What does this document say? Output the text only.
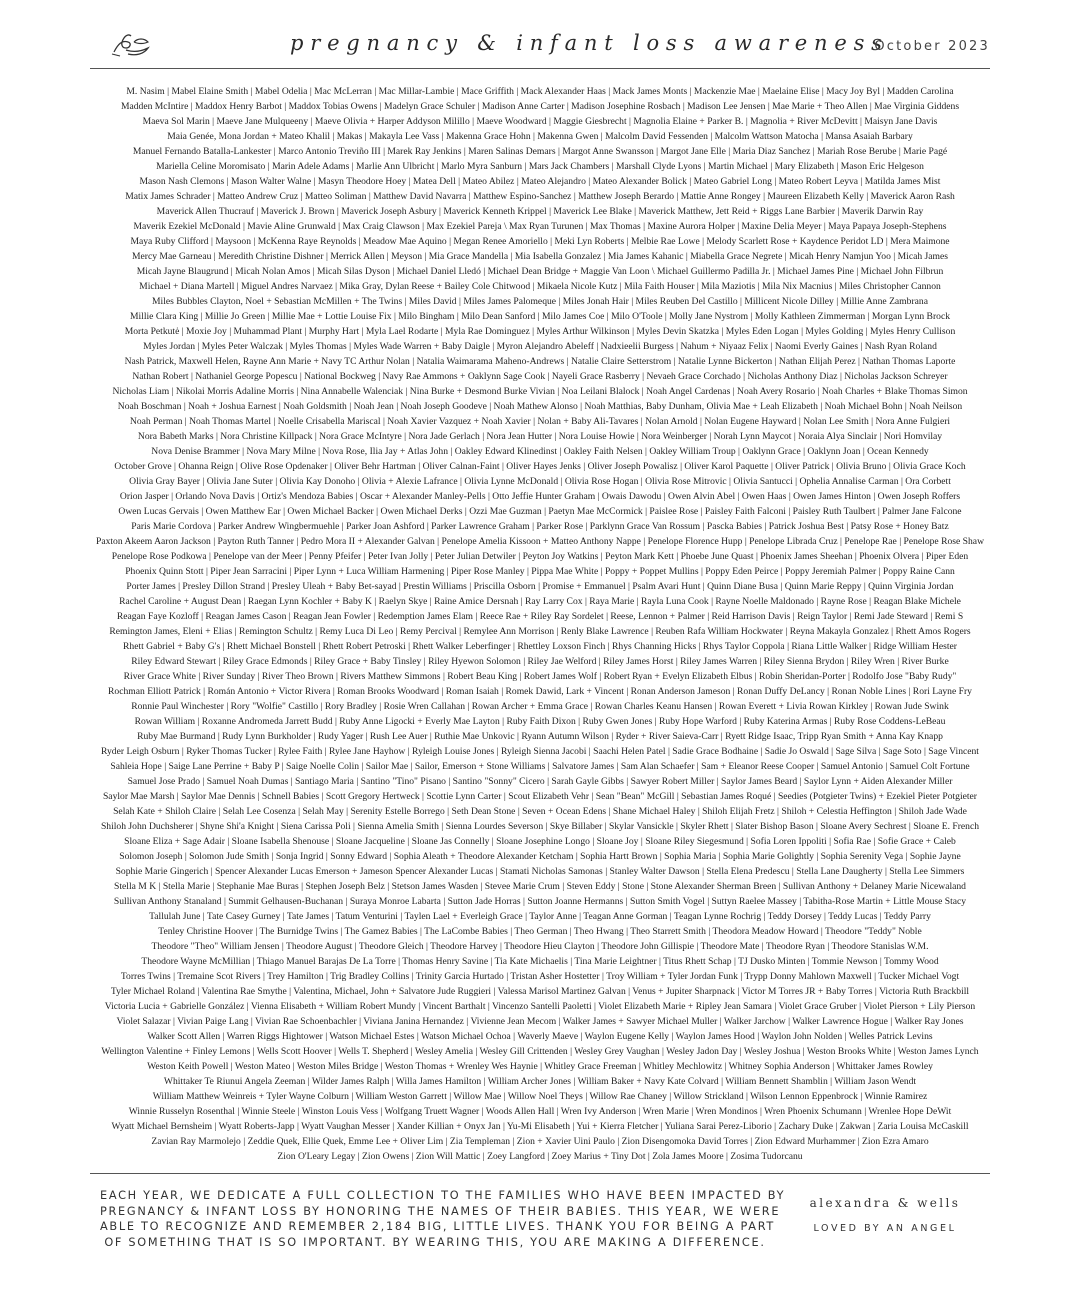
pregnancy & infant loss awareness
October 2023
M. Nasim | Mabel Elaine Smith | Mabel Odelia | Mac McLerran | Mac Millar-Lambie | Mace Griffith | Mack Alexander Haas | Mack James Monts | Mackenzie Mae | Maelaine Elise | Macy Joy Byl | Madden Carolina
Madden McIntire | Maddox Henry Barbot | Maddox Tobias Owens | Madelyn Grace Schuler | Madison Anne Carter | Madison Josephine Rosbach | Madison Lee Jensen | Mae Marie + Theo Allen | Mae Virginia Giddens
Maeva Sol Marin | Maeve Jane Mulqueeny | Maeve Olivia + Harper Addyson Milillo | Maeve Woodward | Maggie Giesbrecht | Magnolia Elaine + Parker B. | Magnolia + River McDevitt | Maisyn Jane Davis
Maia Genée, Mona Jordan + Mateo Khalil | Makas | Makayla Lee Vass | Makenna Grace Hohn | Makenna Gwen | Malcolm David Fessenden | Malcolm Wattson Matocha | Mansa Asaiah Barbary
Manuel Fernando Batalla-Lankester | Marco Antonio Treviño III | Marek Ray Jenkins | Maren Salinas Demars | Margot Anne Swansson | Margot Jane Elle | Maria Diaz Sanchez | Mariah Rose Berube | Marie Pagé
Mariella Celine Moromisato | Marin Adele Adams | Marlie Ann Ulbricht | Marlo Myra Sanburn | Mars Jack Chambers | Marshall Clyde Lyons | Martin Michael | Mary Elizabeth | Mason Eric Helgeson
Mason Nash Clemons | Mason Walter Walne | Masyn Theodore Hoey | Matea Dell | Mateo Abilez | Mateo Alejandro | Mateo Alexander Bolick | Mateo Gabriel Long | Mateo Robert Leyva | Matilda James Mist
Matix James Schrader | Matteo Andrew Cruz | Matteo Soliman | Matthew David Navarra | Matthew Espino-Sanchez | Matthew Joseph Berardo | Mattie Anne Rongey | Maureen Elizabeth Kelly | Maverick Aaron Rash
Maverick Allen Thucrauf | Maverick J. Brown | Maverick Joseph Asbury | Maverick Kenneth Krippel | Maverick Lee Blake | Maverick Matthew, Jett Reid + Riggs Lane Barbier | Maverik Darwin Ray
Maverik Ezekiel McDonald | Mavie Aline Grunwald | Max Craig Clawson | Max Ezekiel Pareja \ Max Ryan Turunen | Max Thomas | Maxine Aurora Holper | Maxine Delia Meyer | Maya Papaya Joseph-Stephens
Maya Ruby Clifford | Maysoon | McKenna Raye Reynolds | Meadow Mae Aquino | Megan Renee Amoriello | Meki Lyn Roberts | Melbie Rae Lowe | Melody Scarlett Rose + Kaydence Peridot LD | Mera Maimone
Mercy Mae Garneau | Meredith Christine Dishner | Merrick Allen | Meyson | Mia Grace Mandella | Mia Isabella Gonzalez | Mia James Kahanic | Miabella Grace Negrete | Micah Henry Namjun Yoo | Micah James
Micah Jayne Blaugrund | Micah Nolan Amos | Micah Silas Dyson | Michael Daniel Lledó | Michael Dean Bridge + Maggie Van Loon \ Michael Guillermo Padilla Jr. | Michael James Pine | Michael John Filbrun
Michael + Diana Martell | Miguel Andres Narvaez | Mika Gray, Dylan Reese + Bailey Cole Chitwood | Mikaela Nicole Kutz | Mila Faith Houser | Mila Maziotis | Mila Nix Macnius | Miles Christopher Cannon
Miles Bubbles Clayton, Noel + Sebastian McMillen + The Twins | Miles David | Miles James Palomeque | Miles Jonah Hair | Miles Reuben Del Castillo | Millicent Nicole Dilley | Millie Anne Zambrana
Millie Clara King | Millie Jo Green | Millie Mae + Lottie Louise Fix | Milo Bingham | Milo Dean Sanford | Milo James Coe | Milo O'Toole | Molly Jane Nystrom | Molly Kathleen Zimmerman | Morgan Lynn Brock
Morta Petkutė | Moxie Joy | Muhammad Plant | Murphy Hart | Myla Lael Rodarte | Myla Rae Dominguez | Myles Arthur Wilkinson | Myles Devin Skatzka | Myles Eden Logan | Myles Golding | Myles Henry Cullison
Myles Jordan | Myles Peter Walczak | Myles Thomas | Myles Wade Warren + Baby Daigle | Myron Alejandro Abeleff | Nadxieelii Burgess | Nahum + Niyaaz Felix | Naomi Everly Gaines | Nash Ryan Roland
Nash Patrick, Maxwell Helen, Rayne Ann Marie + Navy TC Arthur Nolan | Natalia Waimarama Maheno-Andrews | Natalie Claire Setterstrom | Natalie Lynne Bickerton | Nathan Elijah Perez | Nathan Thomas Laporte
Nathan Robert | Nathaniel George Popescu | National Bockweg | Navy Rae Ammons + Oaklynn Sage Cook | Nayeli Grace Rasberry | Nevaeh Grace Corchado | Nicholas Anthony Diaz | Nicholas Jackson Schreyer
Nicholas Liam | Nikolai Morris Adaline Morris | Nina Annabelle Walenciak | Nina Burke + Desmond Burke Vivian | Noa Leilani Blalock | Noah Angel Cardenas | Noah Avery Rosario | Noah Charles + Blake Thomas Simon
Noah Boschman | Noah + Joshua Earnest | Noah Goldsmith | Noah Jean | Noah Joseph Goodeve | Noah Mathew Alonso | Noah Matthias, Baby Dunham, Olivia Mae + Leah Elizabeth | Noah Michael Bohn | Noah Neilson
Noah Perman | Noah Thomas Martel | Noelle Crisabella Mariscal | Noah Xavier Vazquez + Noah Xavier | Nolan + Baby Ali-Tavares | Nolan Arnold | Nolan Eugene Hayward | Nolan Lee Smith | Nora Anne Fulgieri
Nora Babeth Marks | Nora Christine Killpack | Nora Grace McIntyre | Nora Jade Gerlach | Nora Jean Hutter | Nora Louise Howie | Nora Weinberger | Norah Lynn Maycot | Noraia Alya Sinclair | Nori Homvilay
Nova Denise Brammer | Nova Mary Milne | Nova Rose, Ilia Jay + Atlas John | Oakley Edward Klinedinst | Oakley Faith Nelsen | Oakley William Troup | Oaklynn Grace | Oaklynn Joan | Ocean Kennedy
October Grove | Ohanna Reign | Olive Rose Opdenaker | Oliver Behr Hartman | Oliver Calnan-Faint | Oliver Hayes Jenks | Oliver Joseph Powalisz | Oliver Karol Paquette | Oliver Patrick | Olivia Bruno | Olivia Grace Koch
Olivia Gray Bayer | Olivia Jane Suter | Olivia Kay Donoho | Olivia + Alexie Lafrance | Olivia Lynne McDonald | Olivia Rose Hogan | Olivia Rose Mitrovic | Olivia Santucci | Ophelia Annalise Carman | Ora Corbett
Orion Jasper | Orlando Nova Davis | Ortiz's Mendoza Babies | Oscar + Alexander Manley-Pells | Otto Jeffie Hunter Graham | Owais Dawodu | Owen Alvin Abel | Owen Haas | Owen James Hinton | Owen Joseph Roffers
Owen Lucas Gervais | Owen Matthew Ear | Owen Michael Backer | Owen Michael Derks | Ozzi Mae Guzman | Paetyn Mae McCormick | Paislee Rose | Paisley Faith Falconi | Paisley Ruth Taulbert | Palmer Jane Falcone
Paris Marie Cordova | Parker Andrew Wingbermuehle | Parker Joan Ashford | Parker Lawrence Graham | Parker Rose | Parklynn Grace Van Rossum | Pascka Babies | Patrick Joshua Best | Patsy Rose + Honey Batz
Paxton Akeem Aaron Jackson | Payton Ruth Tanner | Pedro Mora II + Alexander Galvan | Penelope Amelia Kissoon + Matteo Anthony Nappe | Penelope Florence Hupp | Penelope Librada Cruz | Penelope Rae | Penelope Rose Shaw
Penelope Rose Podkowa | Penelope van der Meer | Penny Pfeifer | Peter Ivan Jolly | Peter Julian Detwiler | Peyton Joy Watkins | Peyton Mark Kett | Phoebe June Quast | Phoenix James Sheehan | Phoenix Olvera | Piper Eden
Phoenix Quinn Stott | Piper Jean Sarracini | Piper Lynn + Luca William Harmening | Piper Rose Manley | Pippa Mae White | Poppy + Poppet Mullins | Poppy Eden Peirce | Poppy Jeremiah Palmer | Poppy Raine Cann
Porter James | Presley Dillon Strand | Presley Uleah + Baby Bet-sayad | Prestin Williams | Priscilla Osborn | Promise + Emmanuel | Psalm Avari Hunt | Quinn Diane Busa | Quinn Marie Reppy | Quinn Virginia Jordan
Rachel Caroline + August Dean | Raegan Lynn Kochler + Baby K | Raelyn Skye | Raine Amice Dersnah | Ray Larry Cox | Raya Marie | Rayla Luna Cook | Rayne Noelle Maldonado | Rayne Rose | Reagan Blake Michele
Reagan Faye Kozloff | Reagan James Cason | Reagan Jean Fowler | Redemption James Elam | Reece Rae + Riley Ray Sordelet | Reese, Lennon + Palmer | Reid Harrison Davis | Reign Taylor | Remi Jade Steward | Remi S
Remington James, Eleni + Elias | Remington Schultz | Remy Luca Di Leo | Remy Percival | Remylee Ann Morrison | Renly Blake Lawrence | Reuben Rafa William Hockwater | Reyna Makayla Gonzalez | Rhett Amos Rogers
Rhett Gabriel + Baby G's | Rhett Michael Bonstell | Rhett Robert Petroski | Rhett Walker Leberfinger | Rhettley Loxson Finch | Rhys Channing Hicks | Rhys Taylor Coppola | Riana Little Walker | Ridge William Hester
Riley Edward Stewart | Riley Grace Edmonds | Riley Grace + Baby Tinsley | Riley Hyewon Solomon | Riley Jae Welford | Riley James Horst | Riley James Warren | Riley Sienna Brydon | Riley Wren | River Burke
River Grace White | River Sunday | River Theo Brown | Rivers Matthew Simmons | Robert Beau King | Robert James Wolf | Robert Ryan + Evelyn Elizabeth Elbus | Robin Sheridan-Porter | Rodolfo Jose "Baby Rudy"
Rochman Elliott Patrick | Román Antonio + Victor Rivera | Roman Brooks Woodward | Roman Isaiah | Romek Dawid, Lark + Vincent | Ronan Anderson Jameson | Ronan Duffy DeLancy | Ronan Noble Lines | Rori Layne Fry
Ronnie Paul Winchester | Rory "Wolfie" Castillo | Rory Bradley | Rosie Wren Callahan | Rowan Archer + Emma Grace | Rowan Charles Keanu Hansen | Rowan Everett + Livia Rowan Kirkley | Rowan Jude Swink
Rowan William | Roxanne Andromeda Jarrett Budd | Ruby Anne Ligocki + Everly Mae Layton | Ruby Faith Dixon | Ruby Gwen Jones | Ruby Hope Warford | Ruby Katerina Armas | Ruby Rose Coddens-LeBeau
Ruby Mae Burmand | Rudy Lynn Burkholder | Rudy Yager | Rush Lee Auer | Ruthie Mae Unkovic | Ryann Autumn Wilson | Ryder + River Saieva-Carr | Ryett Ridge Isaac, Tripp Ryan Smith + Anna Kay Knapp
Ryder Leigh Osburn | Ryker Thomas Tucker | Rylee Faith | Rylee Jane Hayhow | Ryleigh Louise Jones | Ryleigh Sienna Jacobi | Saachi Helen Patel | Sadie Grace Bodhaine | Sadie Jo Oswald | Sage Silva | Sage Soto | Sage Vincent
Sahleia Hope | Saige Lane Perrine + Baby P | Saige Noelle Colin | Sailor Mae | Sailor, Emerson + Stone Williams | Salvatore James | Sam Alan Schaefer | Sam + Eleanor Reese Cooper | Samuel Antonio | Samuel Colt Fortune
Samuel Jose Prado | Samuel Noah Dumas | Santiago Maria | Santino "Tino" Pisano | Santino "Sonny" Cicero | Sarah Gayle Gibbs | Sawyer Robert Miller | Saylor James Beard | Saylor Lynn + Aiden Alexander Miller
Saylor Mae Marsh | Saylor Mae Dennis | Schnell Babies | Scott Gregory Hertweck | Scottie Lynn Carter | Scout Elizabeth Vehr | Sean "Bean" McGill | Sebastian James Roqué | Seedies (Potgieter Twins) + Ezekiel Pieter Potgieter
Selah Kate + Shiloh Claire | Selah Lee Cosenza | Selah May | Serenity Estelle Borrego | Seth Dean Stone | Seven + Ocean Edens | Shane Michael Haley | Shiloh Elijah Fretz | Shiloh + Celestia Heffington | Shiloh Jade Wade
Shiloh John Duchsherer | Shyne Shi'a Knight | Siena Carissa Poli | Sienna Amelia Smith | Sienna Lourdes Severson | Skye Billaber | Skylar Vansickle | Skyler Rhett | Slater Bishop Bason | Sloane Avery Sechrest | Sloane E. French
Sloane Eliza + Sage Adair | Sloane Isabella Shenouse | Sloane Jacqueline | Sloane Jas Connelly | Sloane Josephine Longo | Sloane Joy | Sloane Riley Siegesmund | Sofia Loren Ippoliti | Sofia Rae | Sofie Grace + Caleb
Solomon Joseph | Solomon Jude Smith | Sonja Ingrid | Sonny Edward | Sophia Aleath + Theodore Alexander Ketcham | Sophia Hartt Brown | Sophia Maria | Sophia Marie Golightly | Sophia Serenity Vega | Sophie Jayne
Sophie Marie Gingerich | Spencer Alexander Lucas Emerson + Jameson Spencer Alexander Lucas | Stamati Nicholas Samonas | Stanley Walter Dawson | Stella Elena Predescu | Stella Lane Daugherty | Stella Lee Simmers
Stella M K | Stella Marie | Stephanie Mae Buras | Stephen Joseph Belz | Stetson James Wasden | Stevee Marie Crum | Steven Eddy | Stone | Stone Alexander Sherman Breen | Sullivan Anthony + Delaney Marie Nicewaland
Sullivan Anthony Stanaland | Summit Gelhausen-Buchanan | Suraya Monroe Labarta | Sutton Jade Horras | Sutton Joanne Hermanns | Sutton Smith Vogel | Suttyn Raelee Massey | Tabitha-Rose Martin + Little Mouse Stacy
Tallulah June | Tate Casey Gurney | Tate James | Tatum Venturini | Taylen Lael + Everleigh Grace | Taylor Anne | Teagan Anne Gorman | Teagan Lynne Rochrig | Teddy Dorsey | Teddy Lucas | Teddy Parry
Tenley Christine Hoover | The Burnidge Twins | The Gamez Babies | The LaCombe Babies | Theo German | Theo Hwang | Theo Starrett Smith | Theodora Meadow Howard | Theodore "Teddy" Noble
Theodore "Theo" William Jensen | Theodore August | Theodore Gleich | Theodore Harvey | Theodore Hieu Clayton | Theodore John Gillispie | Theodore Mate | Theodore Ryan | Theodore Stanislas W.M.
Theodore Wayne McMillian | Thiago Manuel Barajas De La Torre | Thomas Henry Savine | Tia Kate Michaelis | Tina Marie Leightner | Titus Rhett Schap | TJ Dusko Minten | Tommie Newson | Tommy Wood
Torres Twins | Tremaine Scot Rivers | Trey Hamilton | Trig Bradley Collins | Trinity Garcia Hurtado | Tristan Asher Hostetter | Troy William + Tyler Jordan Funk | Trypp Donny Mahlown Maxwell | Tucker Michael Vogt
Tyler Michael Roland | Valentina Rae Smythe | Valentina, Michael, John + Salvatore Jude Ruggieri | Valessa Marisol Martinez Galvan | Venus + Jupiter Sharpnack | Victor M Torres JR + Baby Torres | Victoria Ruth Brackbill
Victoria Lucia + Gabrielle González | Vienna Elisabeth + William Robert Mundy | Vincent Barthalt | Vincenzo Santelli Paoletti | Violet Elizabeth Marie + Ripley Jean Samara | Violet Grace Gruber | Violet Pierson + Lily Pierson
Violet Salazar | Vivian Paige Lang | Vivian Rae Schoenbachler | Viviana Janina Hernandez | Vivienne Jean Mecom | Walker James + Sawyer Michael Muller | Walker Jarchow | Walker Lawrence Hogue | Walker Ray Jones
Walker Scott Allen | Warren Riggs Hightower | Watson Michael Estes | Watson Michael Ochoa | Waverly Maeve | Waylon Eugene Kelly | Waylon James Hood | Waylon John Nolden | Welles Patrick Levins
Wellington Valentine + Finley Lemons | Wells Scott Hoover | Wells T. Shepherd | Wesley Amelia | Wesley Gill Crittenden | Wesley Grey Vaughan | Wesley Jadon Day | Wesley Joshua | Weston Brooks White | Weston James Lynch
Weston Keith Powell | Weston Mateo | Weston Miles Bridge | Weston Thomas + Wrenley Wes Haynie | Whitley Grace Freeman | Whitley Mechlowitz | Whitney Sophia Anderson | Whittaker James Rowley
Whittaker Te Riunui Angela Zeeman | Wilder James Ralph | Willa James Hamilton | William Archer Jones | William Baker + Navy Kate Colvard | William Bennett Shamblin | William Jason Wendt
William Matthew Weinreis + Tyler Wayne Colburn | William Weston Garrett | Willow Mae | Willow Noel Theys | Willow Rae Chaney | Willow Strickland | Wilson Lennon Eppenbrock | Winnie Ramirez
Winnie Russelyn Rosenthal | Winnie Steele | Winston Louis Vess | Wolfgang Truett Wagner | Woods Allen Hall | Wren Ivy Anderson | Wren Marie | Wren Mondinos | Wren Phoenix Schumann | Wrenlee Hope DeWit
Wyatt Michael Bernsheim | Wyatt Roberts-Japp | Wyatt Vaughan Messer | Xander Killian + Onyx Jan | Yu-Mi Elisabeth | Yui + Kierra Fletcher | Yuliana Sarai Perez-Liborio | Zachary Duke | Zakwan | Zaria Louisa McCaskill
Zavian Ray Marmolejo | Zeddie Quek, Ellie Quek, Emme Lee + Oliver Lim | Zia Templeman | Zion + Xavier Uini Paulo | Zion Disengomoka David Torres | Zion Edward Murhammer | Zion Ezra Amaro
Zion O'Leary Legay | Zion Owens | Zion Will Mattic | Zoey Langford | Zoey Marius + Tiny Dot | Zola James Moore | Zosima Tudorcanu
EACH YEAR, WE DEDICATE A FULL COLLECTION TO THE FAMILIES WHO HAVE BEEN IMPACTED BY
PREGNANCY & INFANT LOSS BY HONORING THE NAMES OF THEIR BABIES. THIS YEAR, WE WERE
ABLE TO RECOGNIZE AND REMEMBER 2,184 BIG, LITTLE LIVES. THANK YOU FOR BEING A PART
OF SOMETHING THAT IS SO IMPORTANT. BY WEARING THIS, YOU ARE MAKING A DIFFERENCE.
alexandra & wells
LOVED BY AN ANGEL
